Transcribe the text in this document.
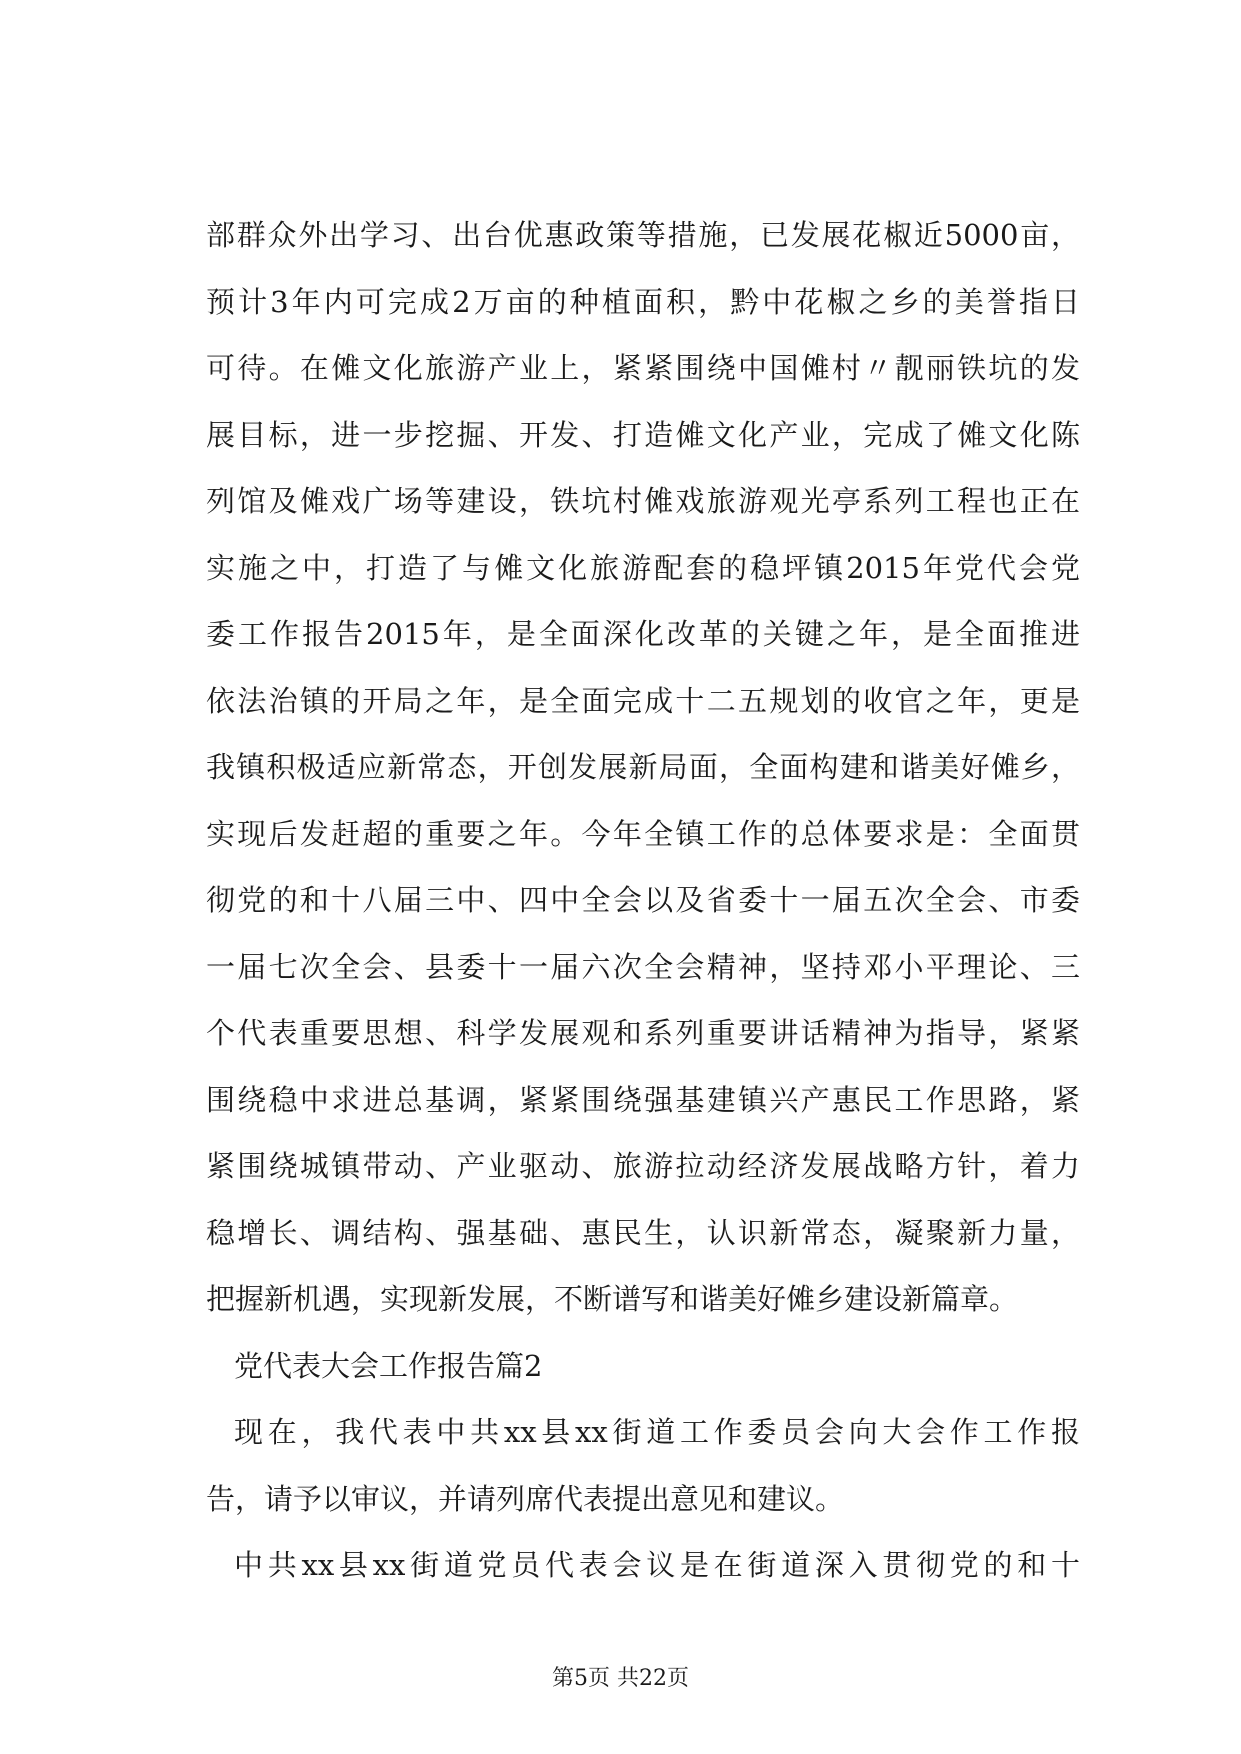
部群众外出学习、出台优惠政策等措施，已发展花椒近5000亩，
预计3年内可完成2万亩的种植面积，黔中花椒之乡的美誉指日
可待。在傩文化旅游产业上，紧紧围绕中国傩村〃靓丽铁坑的发
展目标，进一步挖掘、开发、打造傩文化产业，完成了傩文化陈
列馆及傩戏广场等建设，铁坑村傩戏旅游观光亭系列工程也正在
实施之中，打造了与傩文化旅游配套的稳坪镇2015年党代会党
委工作报告2015年，是全面深化改革的关键之年，是全面推进
依法治镇的开局之年，是全面完成十二五规划的收官之年，更是
我镇积极适应新常态，开创发展新局面，全面构建和谐美好傩乡，
实现后发赶超的重要之年。今年全镇工作的总体要求是：全面贯
彻党的和十八届三中、四中全会以及省委十一届五次全会、市委
一届七次全会、县委十一届六次全会精神，坚持邓小平理论、三
个代表重要思想、科学发展观和系列重要讲话精神为指导，紧紧
围绕稳中求进总基调，紧紧围绕强基建镇兴产惠民工作思路，紧
紧围绕城镇带动、产业驱动、旅游拉动经济发展战略方针，着力
稳增长、调结构、强基础、惠民生，认识新常态，凝聚新力量，
把握新机遇，实现新发展，不断谱写和谐美好傩乡建设新篇章。
党代表大会工作报告篇2
现在，我代表中共xx县xx街道工作委员会向大会作工作报
告，请予以审议，并请列席代表提出意见和建议。
中共xx县xx街道党员代表会议是在街道深入贯彻党的和十
第5页 共22页
